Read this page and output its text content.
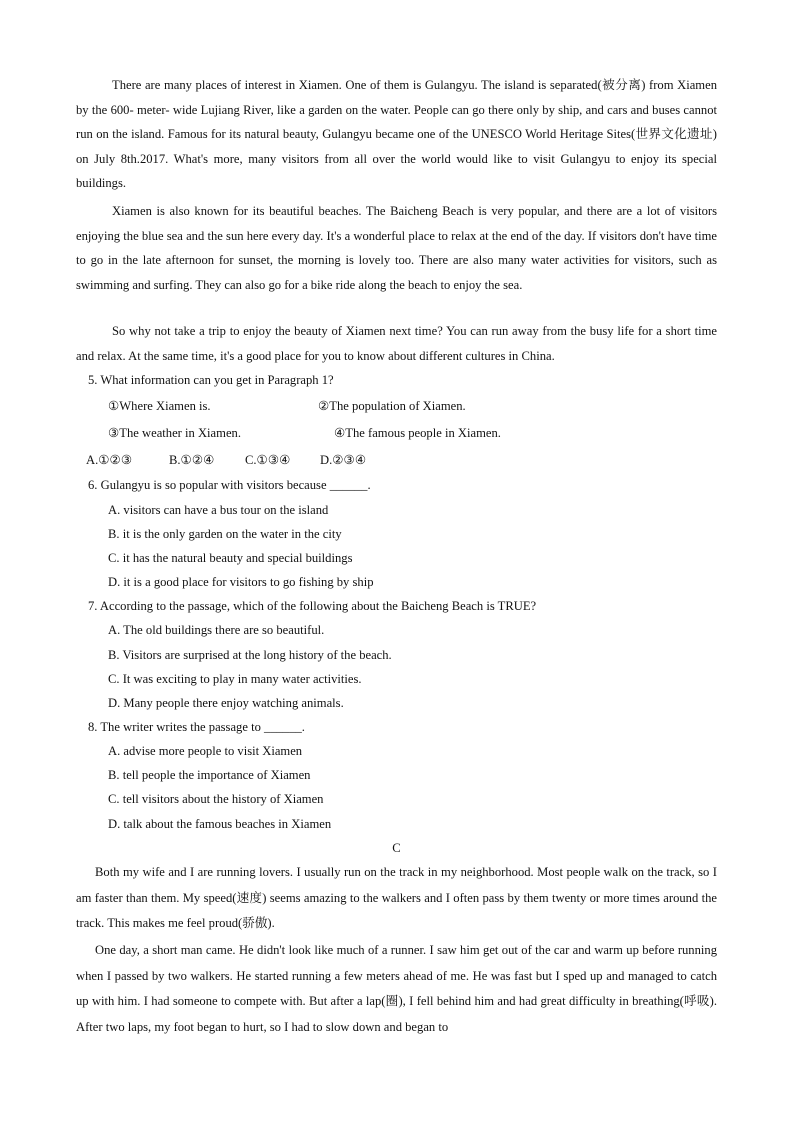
There are many places of interest in Xiamen. One of them is Gulangyu. The island is separated(被分离) from Xiamen by the 600- meter- wide Lujiang River, like a garden on the water. People can go there only by ship, and cars and buses cannot run on the island. Famous for its natural beauty, Gulangyu became one of the UNESCO World Heritage Sites(世界文化遗址) on July 8th.2017. What's more, many visitors from all over the world would like to visit Gulangyu to enjoy its special buildings.
Xiamen is also known for its beautiful beaches. The Baicheng Beach is very popular, and there are a lot of visitors enjoying the blue sea and the sun here every day. It's a wonderful place to relax at the end of the day. If visitors don't have time to go in the late afternoon for sunset, the morning is lovely too. There are also many water activities for visitors, such as swimming and surfing. They can also go for a bike ride along the beach to enjoy the sea.
So why not take a trip to enjoy the beauty of Xiamen next time? You can run away from the busy life for a short time and relax. At the same time, it's a good place for you to know about different cultures in China.
5. What information can you get in Paragraph 1?
①Where Xiamen is.	②The population of Xiamen.
③The weather in Xiamen.	④The famous people in Xiamen.
A.①②③	B.①②④ C.①③④ D.②③④
6. Gulangyu is so popular with visitors because ______.
A. visitors can have a bus tour on the island
B. it is the only garden on the water in the city
C. it has the natural beauty and special buildings
D. it is a good place for visitors to go fishing by ship
7. According to the passage, which of the following about the Baicheng Beach is TRUE?
A. The old buildings there are so beautiful.
B. Visitors are surprised at the long history of the beach.
C. It was exciting to play in many water activities.
D. Many people there enjoy watching animals.
8. The writer writes the passage to ______.
A. advise more people to visit Xiamen
B. tell people the importance of Xiamen
C. tell visitors about the history of Xiamen
D. talk about the famous beaches in Xiamen
C
Both my wife and I are running lovers. I usually run on the track in my neighborhood. Most people walk on the track, so I am faster than them. My speed(速度) seems amazing to the walkers and I often pass by them twenty or more times around the track. This makes me feel proud(骄傲).
One day, a short man came. He didn't look like much of a runner. I saw him get out of the car and warm up before running when I passed by two walkers. He started running a few meters ahead of me. He was fast but I sped up and managed to catch up with him. I had someone to compete with. But after a lap(圈), I fell behind him and had great difficulty in breathing(呼吸). After two laps, my foot began to hurt, so I had to slow down and began to
